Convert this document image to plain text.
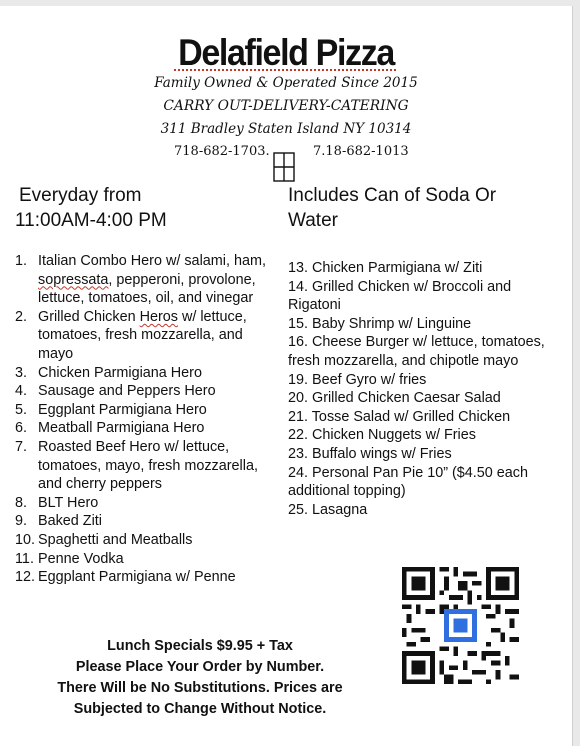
Delafield Pizza
Family Owned & Operated Since 2015
CARRY OUT-DELIVERY-CATERING
311 Bradley Staten Island NY 10314
718-682-1703.	7.18-682-1013
Everyday from
11:00AM-4:00 PM
Includes Can of Soda Or
Water
1. Italian Combo Hero w/ salami, ham, sopressata, pepperoni, provolone, lettuce, tomatoes, oil, and vinegar
2. Grilled Chicken Heros w/ lettuce, tomatoes, fresh mozzarella, and mayo
3. Chicken Parmigiana Hero
4. Sausage and Peppers Hero
5. Eggplant Parmigiana Hero
6. Meatball Parmigiana Hero
7. Roasted Beef Hero w/ lettuce, tomatoes, mayo, fresh mozzarella, and cherry peppers
8. BLT Hero
9. Baked Ziti
10. Spaghetti and Meatballs
11. Penne Vodka
12. Eggplant Parmigiana w/ Penne
13. Chicken Parmigiana w/ Ziti
14. Grilled Chicken w/ Broccoli and Rigatoni
15. Baby Shrimp w/ Linguine
16. Cheese Burger w/ lettuce, tomatoes, fresh mozzarella, and chipotle mayo
19. Beef Gyro w/ fries
20. Grilled Chicken Caesar Salad
21. Tosse Salad w/ Grilled Chicken
22. Chicken Nuggets w/ Fries
23. Buffalo wings w/ Fries
24. Personal Pan Pie 10” ($4.50 each additional topping)
25. Lasagna
Lunch Specials $9.95 + Tax
Please Place Your Order by Number.
There Will be No Substitutions. Prices are
Subjected to Change Without Notice.
